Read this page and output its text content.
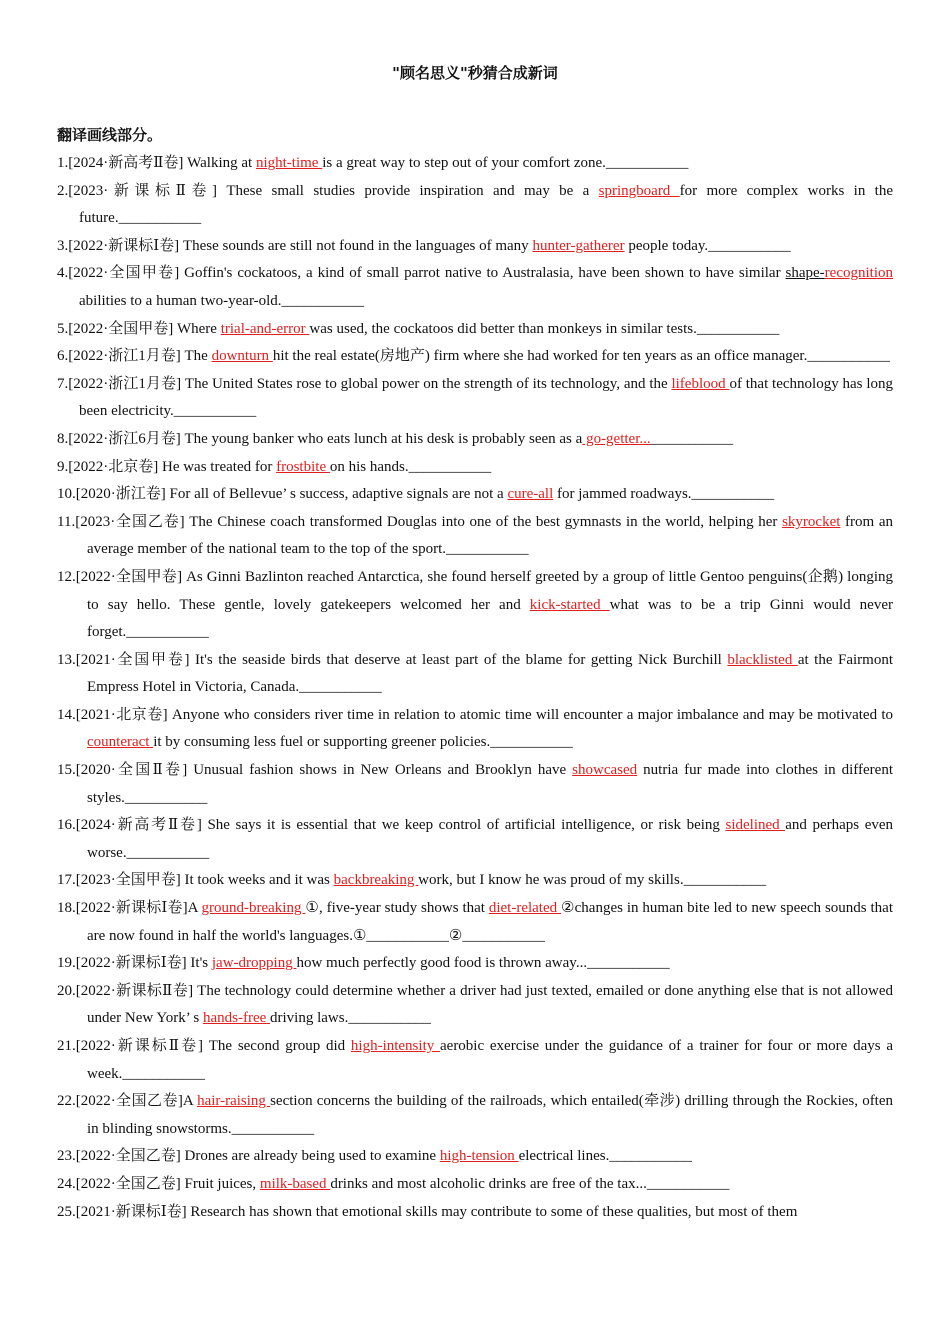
"顾名思义"秒猜合成新词
翻译画线部分。

1.[2024·新高考Ⅱ卷] Walking at night-time is a great way to step out of your comfort zone.___________

2.[2023·新课标Ⅱ卷] These small studies provide inspiration and may be a springboard for more complex works in the future.___________

3.[2022·新课标Ⅰ卷] These sounds are still not found in the languages of many hunter-gatherer people today.___________

4.[2022·全国甲卷] Goffin's cockatoos, a kind of small parrot native to Australasia, have been shown to have similar shape-recognition abilities to a human two-year-old.___________

5.[2022·全国甲卷] Where trial-and-error was used, the cockatoos did better than monkeys in similar tests.___________

6.[2022·浙江1月卷] The downturn hit the real estate(房地产) firm where she had worked for ten years as an office manager.___________

7.[2022·浙江1月卷] The United States rose to global power on the strength of its technology, and the lifeblood of that technology has long been electricity.___________

8.[2022·浙江6月卷] The young banker who eats lunch at his desk is probably seen as a go-getter...___________

9.[2022·北京卷] He was treated for frostbite on his hands.___________

10.[2020·浙江卷] For all of Bellevue’ s success, adaptive signals are not a cure-all for jammed roadways.___________

11.[2023·全国乙卷] The Chinese coach transformed Douglas into one of the best gymnasts in the world, helping her skyrocket from an average member of the national team to the top of the sport.___________

12.[2022·全国甲卷] As Ginni Bazlinton reached Antarctica, she found herself greeted by a group of little Gentoo penguins(企鹅) longing to say hello. These gentle, lovely gatekeepers welcomed her and kick-started what was to be a trip Ginni would never forget.___________

13.[2021·全国甲卷] It's the seaside birds that deserve at least part of the blame for getting Nick Burchill blacklisted at the Fairmont Empress Hotel in Victoria, Canada.___________

14.[2021·北京卷] Anyone who considers river time in relation to atomic time will encounter a major imbalance and may be motivated to counteract it by consuming less fuel or supporting greener policies.___________

15.[2020·全国Ⅱ卷] Unusual fashion shows in New Orleans and Brooklyn have showcased nutria fur made into clothes in different styles.___________

16.[2024·新高考Ⅱ卷] She says it is essential that we keep control of artificial intelligence, or risk being sidelined and perhaps even worse.___________

17.[2023·全国甲卷] It took weeks and it was backbreaking work, but I know he was proud of my skills.___________

18.[2022·新课标Ⅰ卷]A ground-breaking ①, five-year study shows that diet-related ②changes in human bite led to new speech sounds that are now found in half the world's languages.①___________②___________

19.[2022·新课标Ⅰ卷] It's jaw-dropping how much perfectly good food is thrown away...___________

20.[2022·新课标Ⅱ卷] The technology could determine whether a driver had just texted, emailed or done anything else that is not allowed under New York’ s hands-free driving laws.___________

21.[2022·新课标Ⅱ卷] The second group did high-intensity aerobic exercise under the guidance of a trainer for four or more days a week.___________

22.[2022·全国乙卷]A hair-raising section concerns the building of the railroads, which entailed(牵涉) drilling through the Rockies, often in blinding snowstorms.___________

23.[2022·全国乙卷] Drones are already being used to examine high-tension electrical lines.___________

24.[2022·全国乙卷] Fruit juices, milk-based drinks and most alcoholic drinks are free of the tax...___________

25.[2021·新课标Ⅰ卷] Research has shown that emotional skills may contribute to some of these qualities, but most of them
